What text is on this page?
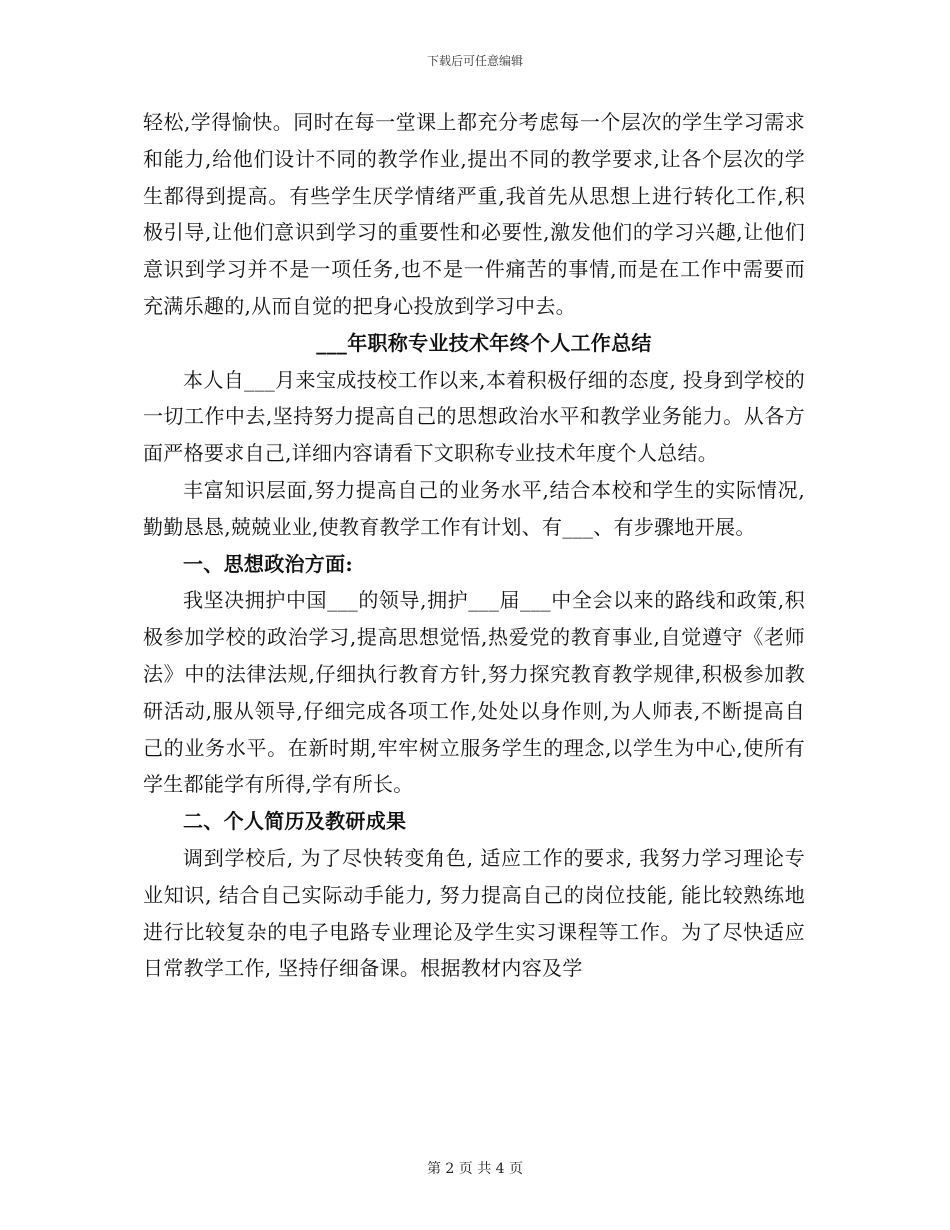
下载后可任意编辑

轻松,学得愉快。同时在每一堂课上都充分考虑每一个层次的学生学习需求和能力,给他们设计不同的教学作业,提出不同的教学要求,让各个层次的学生都得到提高。有些学生厌学情绪严重,我首先从思想上进行转化工作,积极引导,让他们意识到学习的重要性和必要性,激发他们的学习兴趣,让他们意识到学习并不是一项任务,也不是一件痛苦的事情,而是在工作中需要而充满乐趣的,从而自觉的把身心投放到学习中去。

___年职称专业技术年终个人工作总结

本人自___月来宝成技校工作以来,本着积极仔细的态度, 投身到学校的一切工作中去,坚持努力提高自己的思想政治水平和教学业务能力。从各方面严格要求自己,详细内容请看下文职称专业技术年度个人总结。

丰富知识层面,努力提高自己的业务水平,结合本校和学生的实际情况,勤勤恳恳,兢兢业业,使教育教学工作有计划、有___、有步骤地开展。

一、思想政治方面:

我坚决拥护中国___的领导,拥护___届___中全会以来的路线和政策,积极参加学校的政治学习,提高思想觉悟,热爱党的教育事业,自觉遵守《老师法》中的法律法规,仔细执行教育方针,努力探究教育教学规律,积极参加教研活动,服从领导,仔细完成各项工作,处处以身作则,为人师表,不断提高自己的业务水平。在新时期,牢牢树立服务学生的理念,以学生为中心,使所有学生都能学有所得,学有所长。

二、个人简历及教研成果

调到学校后, 为了尽快转变角色, 适应工作的要求, 我努力学习理论专业知识, 结合自己实际动手能力, 努力提高自己的岗位技能, 能比较熟练地进行比较复杂的电子电路专业理论及学生实习课程等工作。为了尽快适应日常教学工作, 坚持仔细备课。根据教材内容及学

第 2 页 共 4 页
